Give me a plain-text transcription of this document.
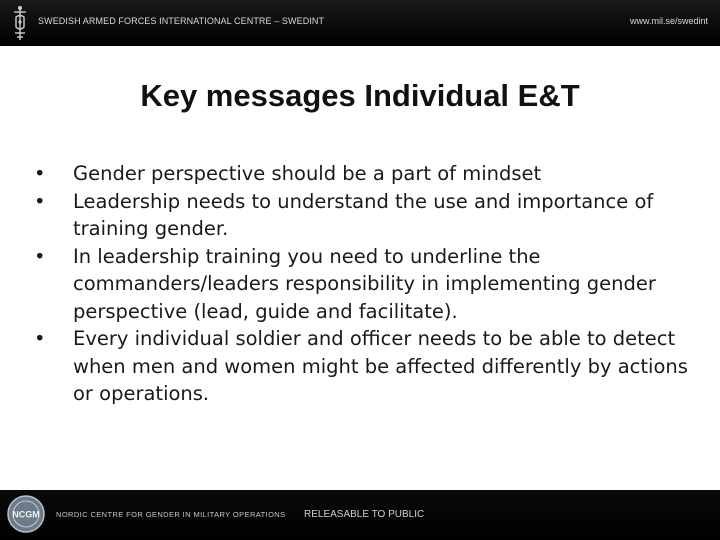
SWEDISH ARMED FORCES INTERNATIONAL CENTRE – SWEDINT	www.mil.se/swedint
Key messages Individual E&T
•	Gender perspective should be a part of mindset
•	Leadership needs to understand the use and importance of training gender.
•	In leadership training you need to underline the commanders/leaders responsibility in implementing gender perspective (lead, guide and facilitate).
•	Every individual soldier and officer needs to be able to detect when men and women might be affected differently by actions or operations.
NCGM NORDIC CENTRE FOR GENDER IN MILITARY OPERATIONS RELEASABLE TO PUBLIC
